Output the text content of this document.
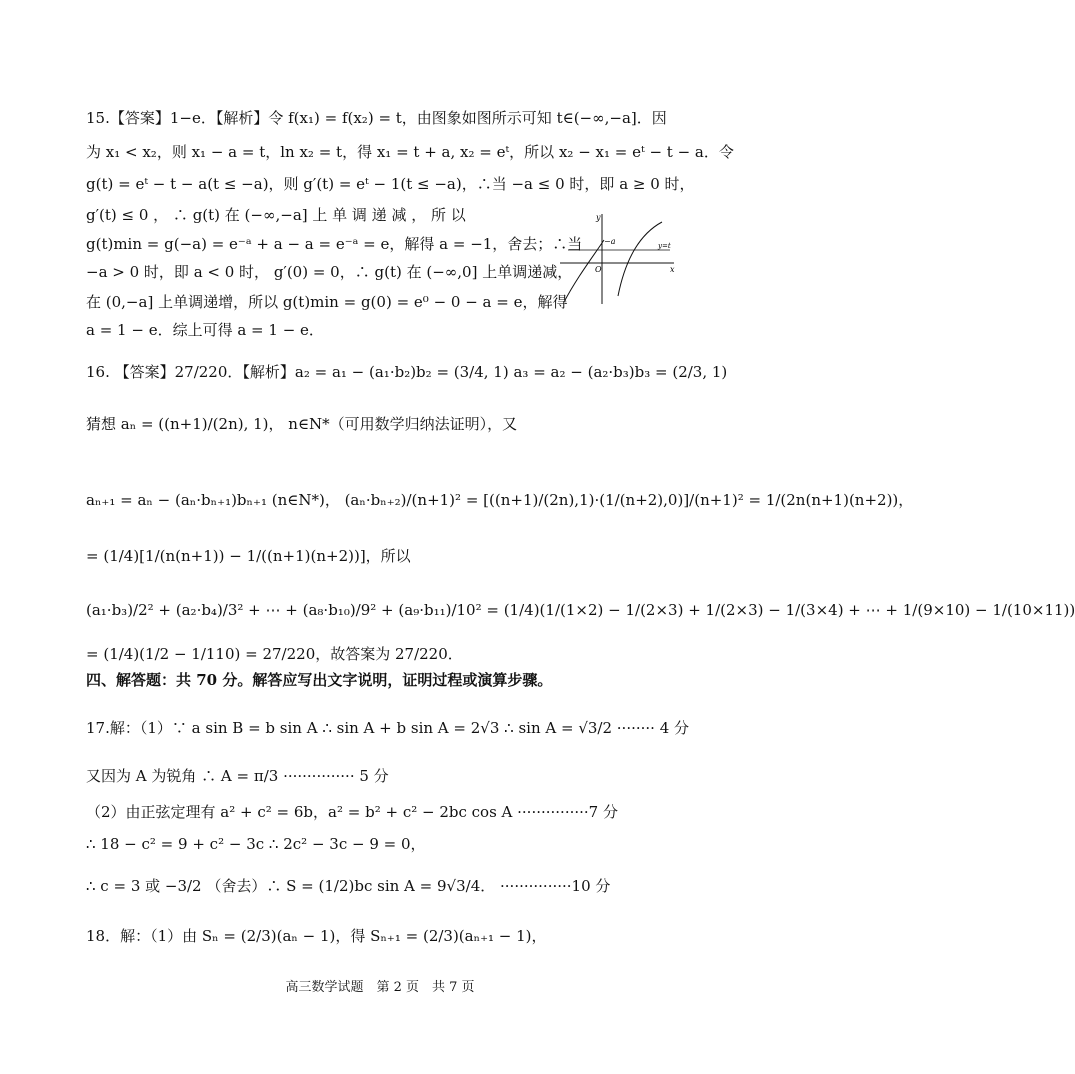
15.【答案】1−e．【解析】令 f(x₁) = f(x₂) = t，由图象如图所示可知 t∈(−∞,−a]．因
为 x₁ < x₂，则 x₁ − a = t，ln x₂ = t，得 x₁ = t + a, x₂ = eᵗ，所以 x₂ − x₁ = eᵗ − t − a．令
g(t) = eᵗ − t − a(t ≤ −a)，则 g′(t) = eᵗ − 1(t ≤ −a)，∴当 −a ≤ 0 时，即 a ≥ 0 时，
g′(t) ≤ 0 ， ∴ g(t) 在 (−∞,−a] 上 单 调 递 减 ， 所 以
g(t)min = g(−a) = e⁻ᵃ + a − a = e⁻ᵃ = e，解得 a = −1，舍去；∴当
−a > 0 时，即 a < 0 时， g′(0) = 0，∴ g(t) 在 (−∞,0] 上单调递减，
在 (0,−a] 上单调递增，所以 g(t)min = g(0) = e⁰ − 0 − a = e，解得
a = 1 − e．综上可得 a = 1 − e．
y
x
O
−a	y=t
16. 【答案】27/220．【解析】a₂ = a₁ − (a₁·b₂)b₂ = (3/4, 1) a₃ = a₂ − (a₂·b₃)b₃ = (2/3, 1)
猜想 aₙ = ((n+1)/(2n), 1)， n∈N*（可用数学归纳法证明），又
aₙ₊₁ = aₙ − (aₙ·bₙ₊₁)bₙ₊₁ (n∈N*)， (aₙ·bₙ₊₂)/(n+1)² = [((n+1)/(2n),1)·(1/(n+2),0)]/(n+1)² = 1/(2n(n+1)(n+2))，
= (1/4)[1/(n(n+1)) − 1/((n+1)(n+2))]，所以
(a₁·b₃)/2² + (a₂·b₄)/3² + ⋯ + (a₈·b₁₀)/9² + (a₉·b₁₁)/10² = (1/4)(1/(1×2) − 1/(2×3) + 1/(2×3) − 1/(3×4) + ⋯ + 1/(9×10) − 1/(10×11))
= (1/4)(1/2 − 1/110) = 27/220，故答案为 27/220．
四、解答题：共 70 分。解答应写出文字说明，证明过程或演算步骤。
17.解：（1）∵ a sin B = b sin A ∴ sin A + b sin A = 2√3 ∴ sin A = √3/2 ········ 4 分
又因为 A 为锐角 ∴ A = π/3 ··············· 5 分
（2）由正弦定理有 a² + c² = 6b，a² = b² + c² − 2bc cos A ···············7 分
∴ 18 − c² = 9 + c² − 3c ∴ 2c² − 3c − 9 = 0，
∴ c = 3 或 −3/2 （舍去）∴ S = (1/2)bc sin A = 9√3/4． ···············10 分
18．解：（1）由 Sₙ = (2/3)(aₙ − 1)，得 Sₙ₊₁ = (2/3)(aₙ₊₁ − 1)，
高三数学试题　第 2 页　共 7 页
